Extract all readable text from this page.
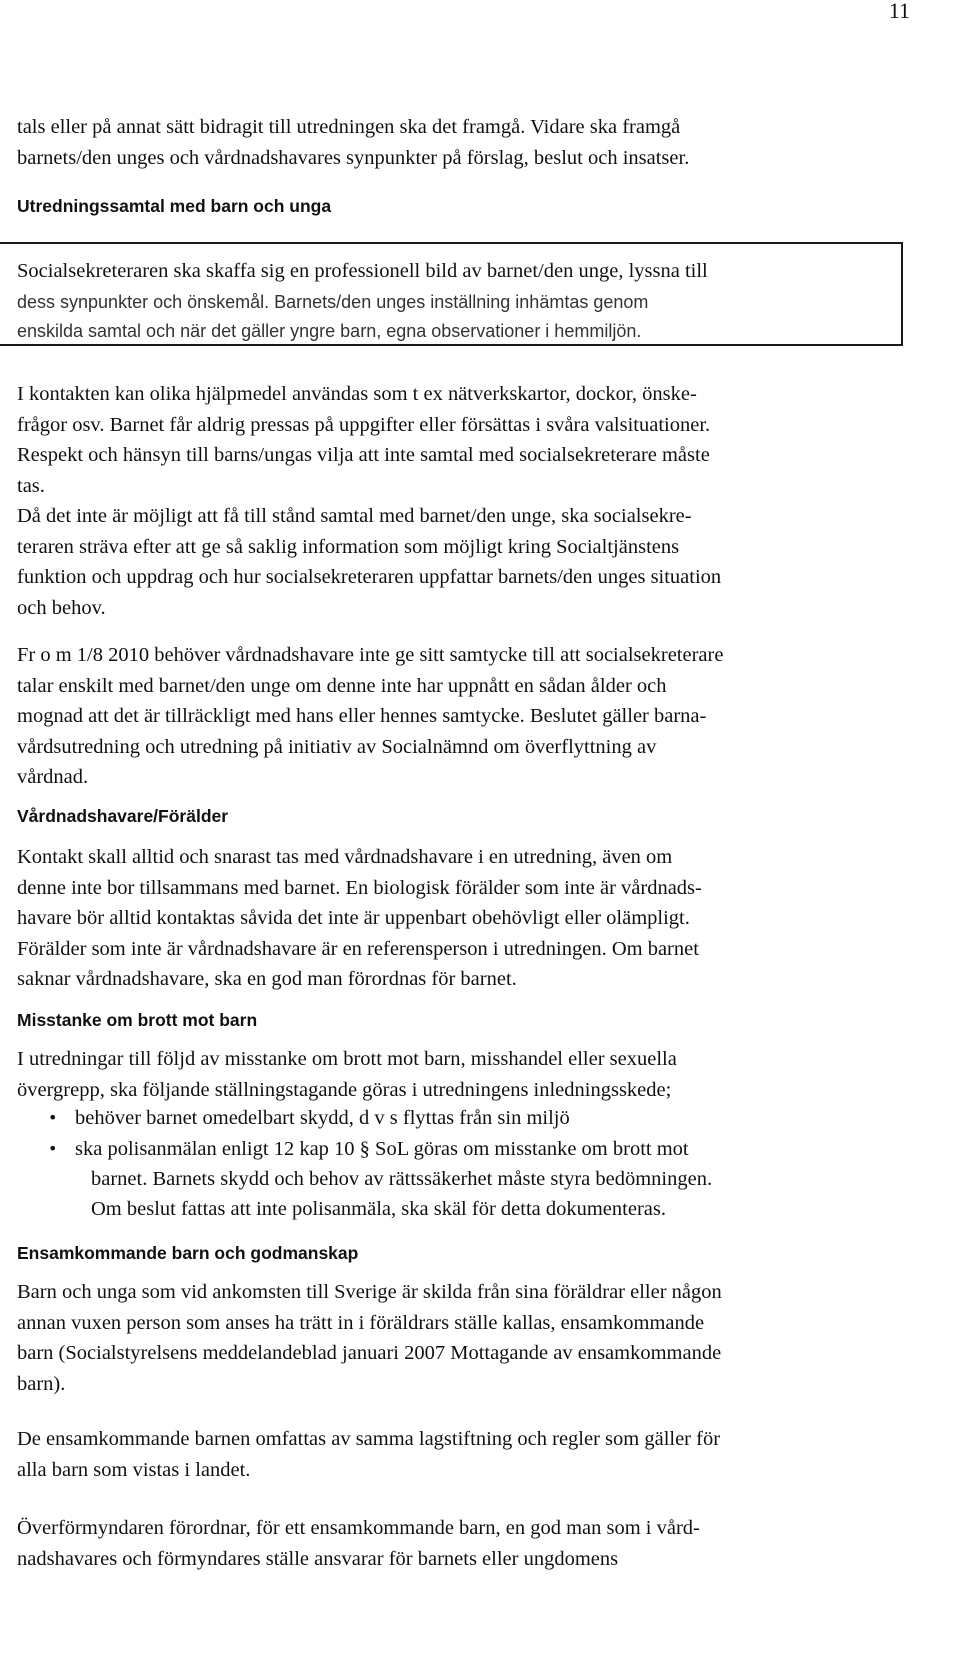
11
tals eller på annat sätt bidragit till utredningen ska det framgå. Vidare ska framgå
barnets/den unges och vårdnadshavares synpunkter på förslag, beslut och insatser.
Utredningssamtal med barn och unga
Socialsekreteraren ska skaffa sig en professionell bild av barnet/den unge, lyssna till
dess synpunkter och önskemål. Barnets/den unges inställning inhämtas genom
enskilda samtal och när det gäller yngre barn, egna observationer i hemmiljön.
I kontakten kan olika hjälpmedel användas som t ex nätverkskartor, dockor, önske-
frågor osv. Barnet får aldrig pressas på uppgifter eller försättas i svåra valsituationer.
Respekt och hänsyn till barns/ungas vilja att inte samtal med socialsekreterare måste
tas.
Då det inte är möjligt att få till stånd samtal med barnet/den unge, ska socialsekre-
teraren sträva efter att ge så saklig information som möjligt kring Socialtjänstens
funktion och uppdrag och hur socialsekreteraren uppfattar barnets/den unges situation
och behov.
Fr o m 1/8 2010 behöver vårdnadshavare inte ge sitt samtycke till att socialsekreterare
talar enskilt med barnet/den unge om denne inte har uppnått en sådan ålder och
mognad att det är tillräckligt med hans eller hennes samtycke. Beslutet gäller barna-
vårdsutredning och utredning på initiativ av Socialnämnd om överflyttning av
vårdnad.
Vårdnadshavare/Förälder
Kontakt skall alltid och snarast tas med vårdnadshavare i en utredning, även om
denne inte bor tillsammans med barnet. En biologisk förälder som inte är vårdnads-
havare bör alltid kontaktas såvida det inte är uppenbart obehövligt eller olämpligt.
Förälder som inte är vårdnadshavare är en referensperson i utredningen. Om barnet
saknar vårdnadshavare, ska en god man förordnas för barnet.
Misstanke om brott mot barn
I utredningar till följd av misstanke om brott mot barn, misshandel eller sexuella
övergrepp, ska följande ställningstagande göras i utredningens inledningsskede;
• behöver barnet omedelbart skydd, d v s flyttas från sin miljö
• ska polisanmälan enligt 12 kap 10 § SoL göras om misstanke om brott mot
barnet. Barnets skydd och behov av rättssäkerhet måste styra bedömningen.
Om beslut fattas att inte polisanmäla, ska skäl för detta dokumenteras.
Ensamkommande barn och godmanskap
Barn och unga som vid ankomsten till Sverige är skilda från sina föräldrar eller någon
annan vuxen person som anses ha trätt in i föräldrars ställe kallas, ensamkommande
barn (Socialstyrelsens meddelandeblad januari 2007 Mottagande av ensamkommande
barn).
De ensamkommande barnen omfattas av samma lagstiftning och regler som gäller för
alla barn som vistas i landet.
Överförmyndaren förordnar, för ett ensamkommande barn, en god man som i vård-
nadshavares och förmyndares ställe ansvarar för barnets eller ungdomens
